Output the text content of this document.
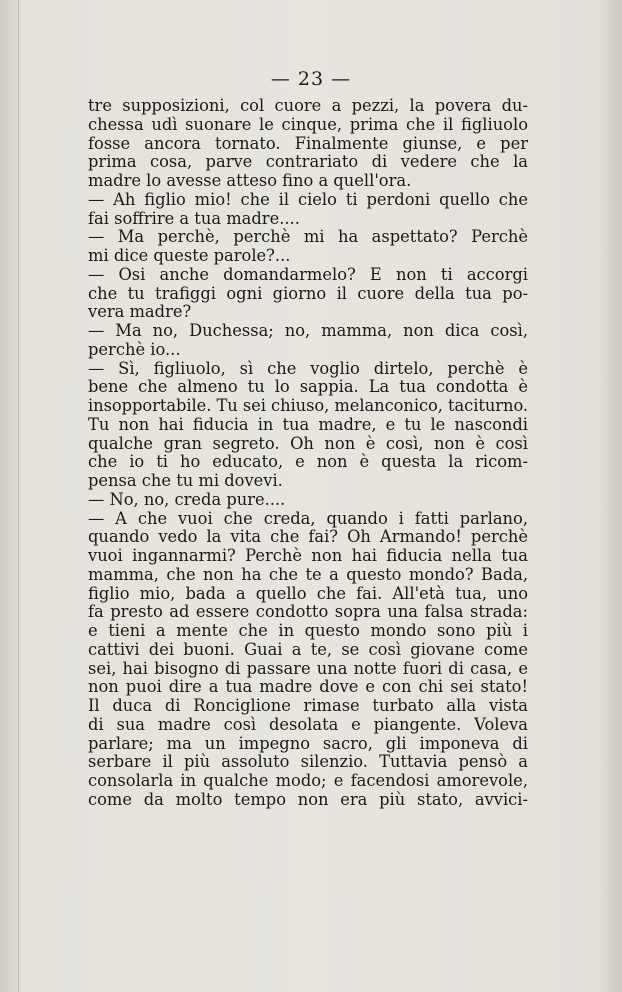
— 23 —

tre supposizioni, col cuore a pezzi, la povera du-
chessa udì suonare le cinque, prima che il figliuolo
fosse ancora tornato. Finalmente giunse, e per
prima cosa, parve contrariato di vedere che la
madre lo avesse atteso fino a quell'ora.
— Ah figlio mio! che il cielo ti perdoni quello che
fai soffrire a tua madre....
— Ma perchè, perchè mi ha aspettato? Perchè
mi dice queste parole?...
— Osi anche domandarmelo? E non ti accorgi
che tu trafiggi ogni giorno il cuore della tua po-
vera madre?
— Ma no, Duchessa; no, mamma, non dica così,
perchè io...
— Sì, figliuolo, sì che voglio dirtelo, perchè è
bene che almeno tu lo sappia. La tua condotta è
insopportabile. Tu sei chiuso, melanconico, taciturno.
Tu non hai fiducia in tua madre, e tu le nascondi
qualche gran segreto. Oh non è così, non è così
che io ti ho educato, e non è questa la ricom-
pensa che tu mi dovevi.
— No, no, creda pure....
— A che vuoi che creda, quando i fatti parlano,
quando vedo la vita che fai? Oh Armando! perchè
vuoi ingannarmi? Perchè non hai fiducia nella tua
mamma, che non ha che te a questo mondo? Bada,
figlio mio, bada a quello che fai. All'età tua, uno
fa presto ad essere condotto sopra una falsa strada:
e tieni a mente che in questo mondo sono più i
cattivi dei buoni. Guai a te, se così giovane come
sei, hai bisogno di passare una notte fuori di casa, e
non puoi dire a tua madre dove e con chi sei stato!
Il duca di Ronciglione rimase turbato alla vista
di sua madre così desolata e piangente. Voleva
parlare; ma un impegno sacro, gli imponeva di
serbare il più assoluto silenzio. Tuttavia pensò a
consolarla in qualche modo; e facendosi amorevole,
come da molto tempo non era più stato, avvici-
